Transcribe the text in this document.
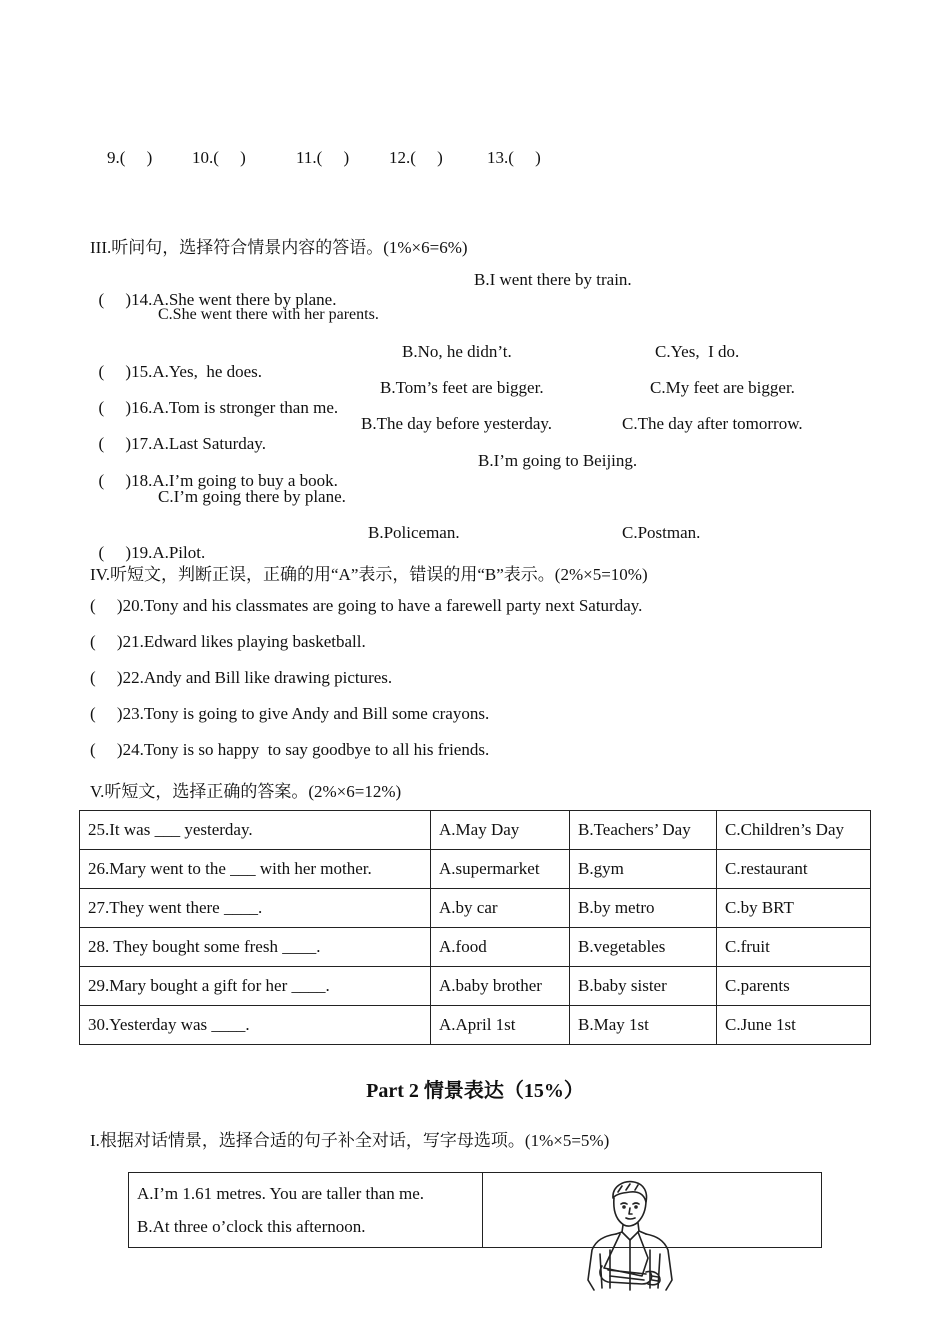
9.(     ) 10.(     )	11.(     ) 12.(     )	13.(     )
III.听问句，选择符合情景内容的答语。(1%×6=6%)

(     )14.A.She went there by plane.

B.I went there by train.

C.She went there with her parents.

(     )15.A.Yes,  he does.

B.No, he didn’t.

	C.Yes,  I do.

(     )16.A.Tom is stronger than me.

B.Tom’s feet are bigger.

	C.My feet are bigger.

(     )17.A.Last Saturday.

B.The day before yesterday.

	C.The day after tomorrow.

(     )18.A.I’m going to buy a book.

B.I’m going to Beijing.

C.I’m going there by plane.

(     )19.A.Pilot.

B.Policeman.

	C.Postman.

IV.听短文，判断正误，正确的用“A”表示，错误的用“B”表示。(2%×5=10%)
(     )20.Tony and his classmates are going to have a farewell party next Saturday.
(     )21.Edward likes playing basketball.
(     )22.Andy and Bill like drawing pictures.
(     )23.Tony is going to give Andy and Bill some crayons.
(     )24.Tony is so happy  to say goodbye to all his friends.
V.听短文，选择正确的答案。(2%×6=12%)
25.It was ___ yesterday.	A.May Day	B.Teachers’ Day	C.Children’s Day
26.Mary went to the ___ with her mother.	A.supermarket	B.gym	C.restaurant
27.They went there ____.	A.by car	B.by metro	C.by BRT
28. They bought some fresh ____.	A.food	B.vegetables	C.fruit
29.Mary bought a gift for her ____.	A.baby brother	B.baby sister	C.parents
30.Yesterday was ____.	A.April 1st	B.May 1st	C.June 1st
Part 2 情景表达（15%）
I.根据对话情景，选择合适的句子补全对话，写字母选项。(1%×5=5%)
A.I’m 1.61 metres. You are taller than me.
B.At three o’clock this afternoon.
